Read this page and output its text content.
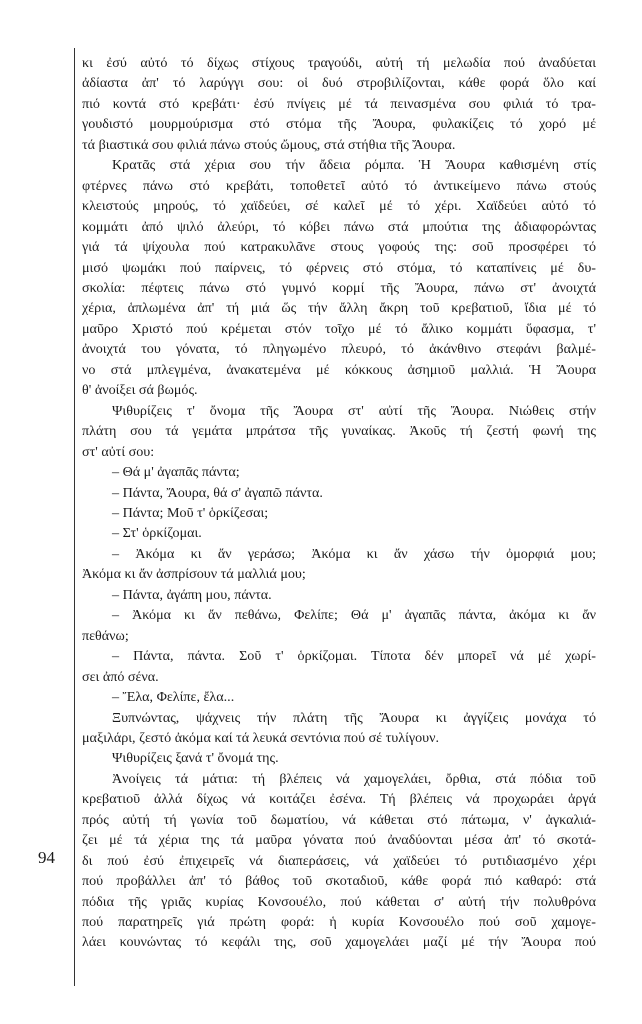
94
κι ἐσύ αὐτό τό δίχως στίχους τραγούδι, αὐτή τή μελωδία πού ἀναδύεται
ἀδίαστα ἀπ' τό λαρύγγι σου: οἱ δυό στροβιλίζονται, κάθε φορά ὅλο καί
πιό κοντά στό κρεβάτι· ἐσύ πνίγεις μέ τά πεινασμένα σου φιλιά τό τρα-
γουδιστό μουρμούρισμα στό στόμα τῆς Ἄουρα, φυλακίζεις τό χορό μέ
τά βιαστικά σου φιλιά πάνω στούς ὤμους, στά στήθια τῆς Ἄουρα.
Κρατᾶς στά χέρια σου τήν ἄδεια ρόμπα. Ἡ Ἄουρα καθισμένη στίς
φτέρνες πάνω στό κρεβάτι, τοποθετεῖ αὐτό τό ἀντικείμενο πάνω στούς
κλειστούς μηρούς, τό χαϊδεύει, σέ καλεῖ μέ τό χέρι. Χαϊδεύει αὐτό τό
κομμάτι ἀπό ψιλό ἀλεύρι, τό κόβει πάνω στά μπούτια της ἀδιαφορώντας
γιά τά ψίχουλα πού κατρακυλᾶνε στους γοφούς της: σοῦ προσφέρει τό
μισό ψωμάκι πού παίρνεις, τό φέρνεις στό στόμα, τό καταπίνεις μέ δυ-
σκολία: πέφτεις πάνω στό γυμνό κορμί τῆς Ἄουρα, πάνω στ' ἀνοιχτά
χέρια, ἁπλωμένα ἀπ' τή μιά ὥς τήν ἄλλη ἄκρη τοῦ κρεβατιοῦ, ἴδια μέ τό
μαῦρο Χριστό πού κρέμεται στόν τοῖχο μέ τό ἄλικο κομμάτι ὕφασμα, τ'
ἀνοιχτά του γόνατα, τό πληγωμένο πλευρό, τό ἀκάνθινο στεφάνι βαλμέ-
νο στά μπλεγμένα, ἀνακατεμένα μέ κόκκους ἀσημιοῦ μαλλιά. Ἡ Ἄουρα
θ' ἀνοίξει σά βωμός.
Ψιθυρίζεις τ' ὄνομα τῆς Ἄουρα στ' αὐτί τῆς Ἄουρα. Νιώθεις στήν
πλάτη σου τά γεμάτα μπράτσα τῆς γυναίκας. Ἀκοῦς τή ζεστή φωνή της
στ' αὐτί σου:
– Θά μ' ἀγαπᾶς πάντα;
– Πάντα, Ἄουρα, θά σ' ἀγαπῶ πάντα.
– Πάντα; Μοῦ τ' ὁρκίζεσαι;
– Στ' ὁρκίζομαι.
– Ἀκόμα κι ἄν γεράσω; Ἀκόμα κι ἄν χάσω τήν ὀμορφιά μου;
Ἀκόμα κι ἄν ἀσπρίσουν τά μαλλιά μου;
– Πάντα, ἀγάπη μου, πάντα.
– Ἀκόμα κι ἄν πεθάνω, Φελίπε; Θά μ' ἀγαπᾶς πάντα, ἀκόμα κι ἄν
πεθάνω;
– Πάντα, πάντα. Σοῦ τ' ὁρκίζομαι. Τίποτα δέν μπορεῖ νά μέ χωρί-
σει ἀπό σένα.
– Ἔλα, Φελίπε, ἔλα...
Ξυπνώντας, ψάχνεις τήν πλάτη τῆς Ἄουρα κι ἀγγίζεις μονάχα τό
μαξιλάρι, ζεστό ἀκόμα καί τά λευκά σεντόνια πού σέ τυλίγουν.
Ψιθυρίζεις ξανά τ' ὄνομά της.
Ἀνοίγεις τά μάτια: τή βλέπεις νά χαμογελάει, ὄρθια, στά πόδια τοῦ
κρεβατιοῦ ἀλλά δίχως νά κοιτάζει ἐσένα. Τή βλέπεις νά προχωράει ἀργά
πρός αὐτή τή γωνία τοῦ δωματίου, νά κάθεται στό πάτωμα, ν' ἀγκαλιά-
ζει μέ τά χέρια της τά μαῦρα γόνατα πού ἀναδύονται μέσα ἀπ' τό σκοτά-
δι πού ἐσύ ἐπιχειρεῖς νά διαπεράσεις, νά χαϊδεύει τό ρυτιδιασμένο χέρι
πού προβάλλει ἀπ' τό βάθος τοῦ σκοταδιοῦ, κάθε φορά πιό καθαρό: στά
πόδια τῆς γριᾶς κυρίας Κονσουέλο, πού κάθεται σ' αὐτή τήν πολυθρόνα
πού παρατηρεῖς γιά πρώτη φορά: ἡ κυρία Κονσουέλο πού σοῦ χαμογε-
λάει κουνώντας τό κεφάλι της, σοῦ χαμογελάει μαζί μέ τήν Ἄουρα πού
